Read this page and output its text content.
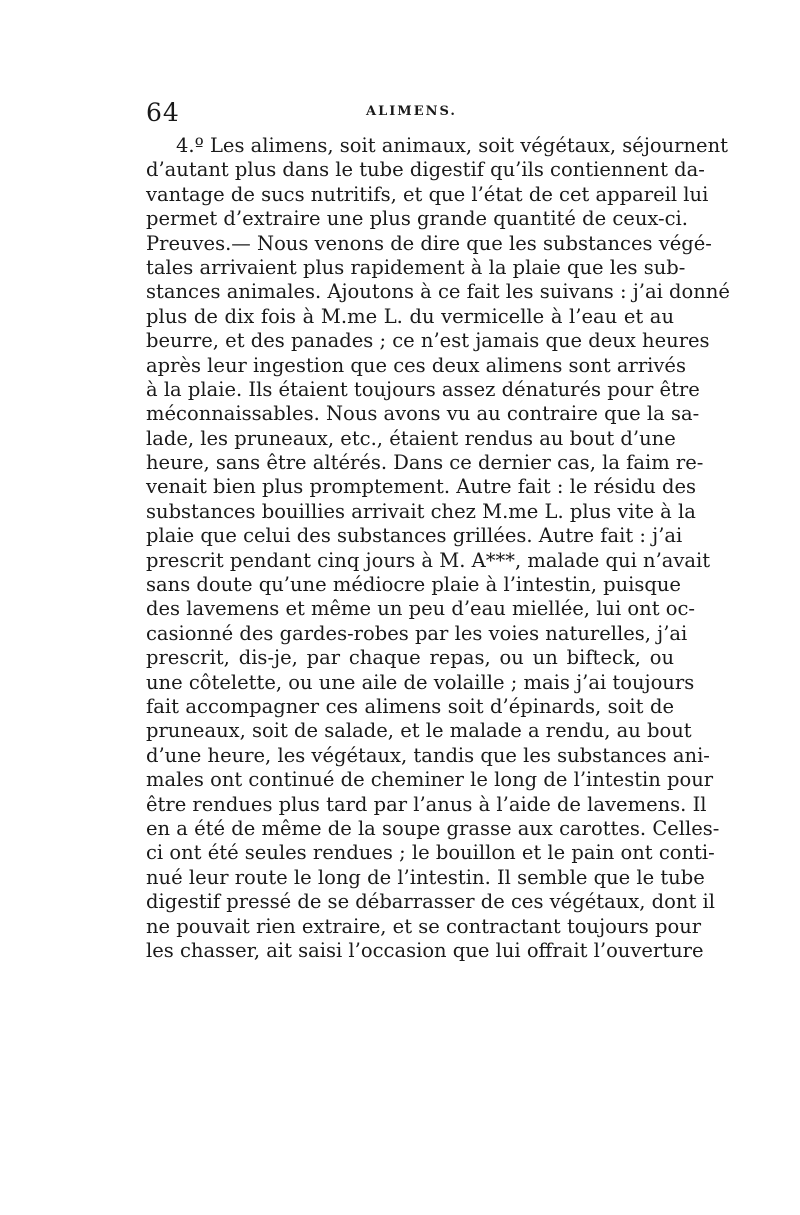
64	ALIMENS.
4.º Les alimens, soit animaux, soit végétaux, séjournent
d’autant plus dans le tube digestif qu’ils contiennent da-
vantage de sucs nutritifs, et que l’état de cet appareil lui
permet d’extraire une plus grande quantité de ceux-ci.
Preuves.— Nous venons de dire que les substances végé-
tales arrivaient plus rapidement à la plaie que les sub-
stances animales. Ajoutons à ce fait les suivans : j’ai donné
plus de dix fois à M.me L. du vermicelle à l’eau et au
beurre, et des panades ; ce n’est jamais que deux heures
après leur ingestion que ces deux alimens sont arrivés
à la plaie. Ils étaient toujours assez dénaturés pour être
méconnaissables. Nous avons vu au contraire que la sa-
lade, les pruneaux, etc., étaient rendus au bout d’une
heure, sans être altérés. Dans ce dernier cas, la faim re-
venait bien plus promptement. Autre fait : le résidu des
substances bouillies arrivait chez M.me L. plus vite à la
plaie que celui des substances grillées. Autre fait : j’ai
prescrit pendant cinq jours à M. A***, malade qui n’avait
sans doute qu’une médiocre plaie à l’intestin, puisque
des lavemens et même un peu d’eau miellée, lui ont oc-
casionné des gardes-robes par les voies naturelles, j’ai
prescrit, dis-je, par chaque repas, ou un bifteck, ou
une côtelette, ou une aile de volaille ; mais j’ai toujours
fait accompagner ces alimens soit d’épinards, soit de
pruneaux, soit de salade, et le malade a rendu, au bout
d’une heure, les végétaux, tandis que les substances ani-
males ont continué de cheminer le long de l’intestin pour
être rendues plus tard par l’anus à l’aide de lavemens. Il
en a été de même de la soupe grasse aux carottes. Celles-
ci ont été seules rendues ; le bouillon et le pain ont conti-
nué leur route le long de l’intestin. Il semble que le tube
digestif pressé de se débarrasser de ces végétaux, dont il
ne pouvait rien extraire, et se contractant toujours pour
les chasser, ait saisi l’occasion que lui offrait l’ouverture
